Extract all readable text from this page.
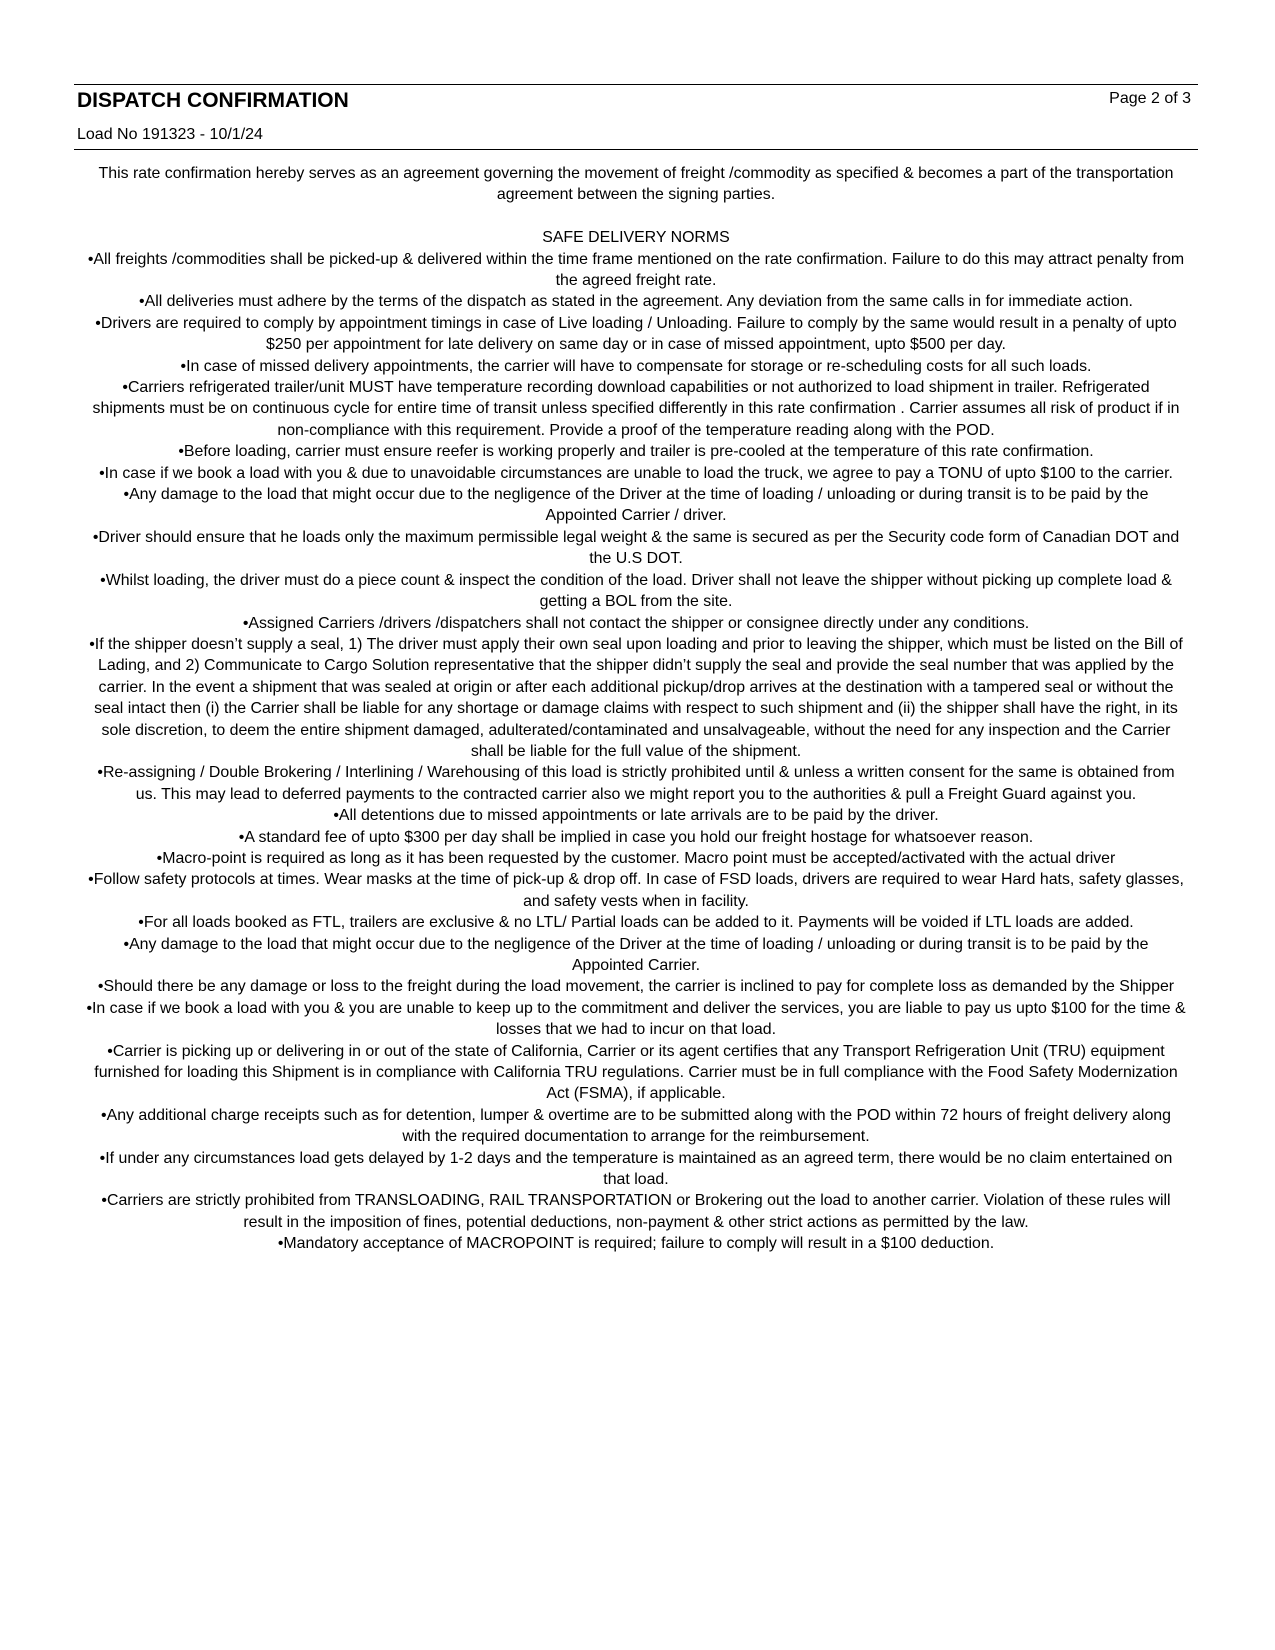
DISPATCH CONFIRMATION	Page 2 of 3
Load No 191323 - 10/1/24

This rate confirmation hereby serves as an agreement governing the movement of freight /commodity as specified & becomes a part of the transportation agreement between the signing parties.

SAFE DELIVERY NORMS

•All freights /commodities shall be picked-up & delivered within the time frame mentioned on the rate confirmation. Failure to do this may attract penalty from the agreed freight rate.

•All deliveries must adhere by the terms of the dispatch as stated in the agreement. Any deviation from the same calls in for immediate action.

•Drivers are required to comply by appointment timings in case of Live loading / Unloading. Failure to comply by the same would result in a penalty of upto $250 per appointment for late delivery on same day or in case of missed appointment, upto $500 per day.

•In case of missed delivery appointments, the carrier will have to compensate for storage or re-scheduling costs for all such loads.

•Carriers refrigerated trailer/unit MUST have temperature recording download capabilities or not authorized to load shipment in trailer. Refrigerated shipments must be on continuous cycle for entire time of transit unless specified differently in this rate confirmation . Carrier assumes all risk of product if in non-compliance with this requirement. Provide a proof of the temperature reading along with the POD.

•Before loading, carrier must ensure reefer is working properly and trailer is pre-cooled at the temperature of this rate confirmation.

•In case if we book a load with you & due to unavoidable circumstances are unable to load the truck, we agree to pay a TONU of upto $100 to the carrier.

•Any damage to the load that might occur due to the negligence of the Driver at the time of loading / unloading or during transit is to be paid by the Appointed Carrier / driver.

•Driver should ensure that he loads only the maximum permissible legal weight & the same is secured as per the Security code form of Canadian DOT and the U.S DOT.

•Whilst loading, the driver must do a piece count & inspect the condition of the load. Driver shall not leave the shipper without picking up complete load & getting a BOL from the site.

•Assigned Carriers /drivers /dispatchers shall not contact the shipper or consignee directly under any conditions.

•If the shipper doesn’t supply a seal, 1) The driver must apply their own seal upon loading and prior to leaving the shipper, which must be listed on the Bill of Lading, and 2) Communicate to Cargo Solution representative that the shipper didn’t supply the seal and provide the seal number that was applied by the carrier. In the event a shipment that was sealed at origin or after each additional pickup/drop arrives at the destination with a tampered seal or without the seal intact then (i) the Carrier shall be liable for any shortage or damage claims with respect to such shipment and (ii) the shipper shall have the right, in its sole discretion, to deem the entire shipment damaged, adulterated/contaminated and unsalvageable, without the need for any inspection and the Carrier shall be liable for the full value of the shipment.

•Re-assigning / Double Brokering / Interlining / Warehousing of this load is strictly prohibited until & unless a written consent for the same is obtained from us. This may lead to deferred payments to the contracted carrier also we might report you to the authorities & pull a Freight Guard against you.

•All detentions due to missed appointments or late arrivals are to be paid by the driver.

•A standard fee of upto $300 per day shall be implied in case you hold our freight hostage for whatsoever reason.

•Macro-point is required as long as it has been requested by the customer. Macro point must be accepted/activated with the actual driver

•Follow safety protocols at times. Wear masks at the time of pick-up & drop off. In case of FSD loads, drivers are required to wear Hard hats, safety glasses, and safety vests when in facility.

•For all loads booked as FTL, trailers are exclusive & no LTL/ Partial loads can be added to it. Payments will be voided if LTL loads are added.

•Any damage to the load that might occur due to the negligence of the Driver at the time of loading / unloading or during transit is to be paid by the Appointed Carrier.

•Should there be any damage or loss to the freight during the load movement, the carrier is inclined to pay for complete loss as demanded by the Shipper

•In case if we book a load with you & you are unable to keep up to the commitment and deliver the services, you are liable to pay us upto $100 for the time & losses that we had to incur on that load.

•Carrier is picking up or delivering in or out of the state of California, Carrier or its agent certifies that any Transport Refrigeration Unit (TRU) equipment furnished for loading this Shipment is in compliance with California TRU regulations. Carrier must be in full compliance with the Food Safety Modernization Act (FSMA), if applicable.

•Any additional charge receipts such as for detention, lumper & overtime are to be submitted along with the POD within 72 hours of freight delivery along with the required documentation to arrange for the reimbursement.

•If under any circumstances load gets delayed by 1-2 days and the temperature is maintained as an agreed term, there would be no claim entertained on that load.

•Carriers are strictly prohibited from TRANSLOADING, RAIL TRANSPORTATION or Brokering out the load to another carrier. Violation of these rules will result in the imposition of fines, potential deductions, non-payment & other strict actions as permitted by the law.

•Mandatory acceptance of MACROPOINT is required; failure to comply will result in a $100 deduction.
